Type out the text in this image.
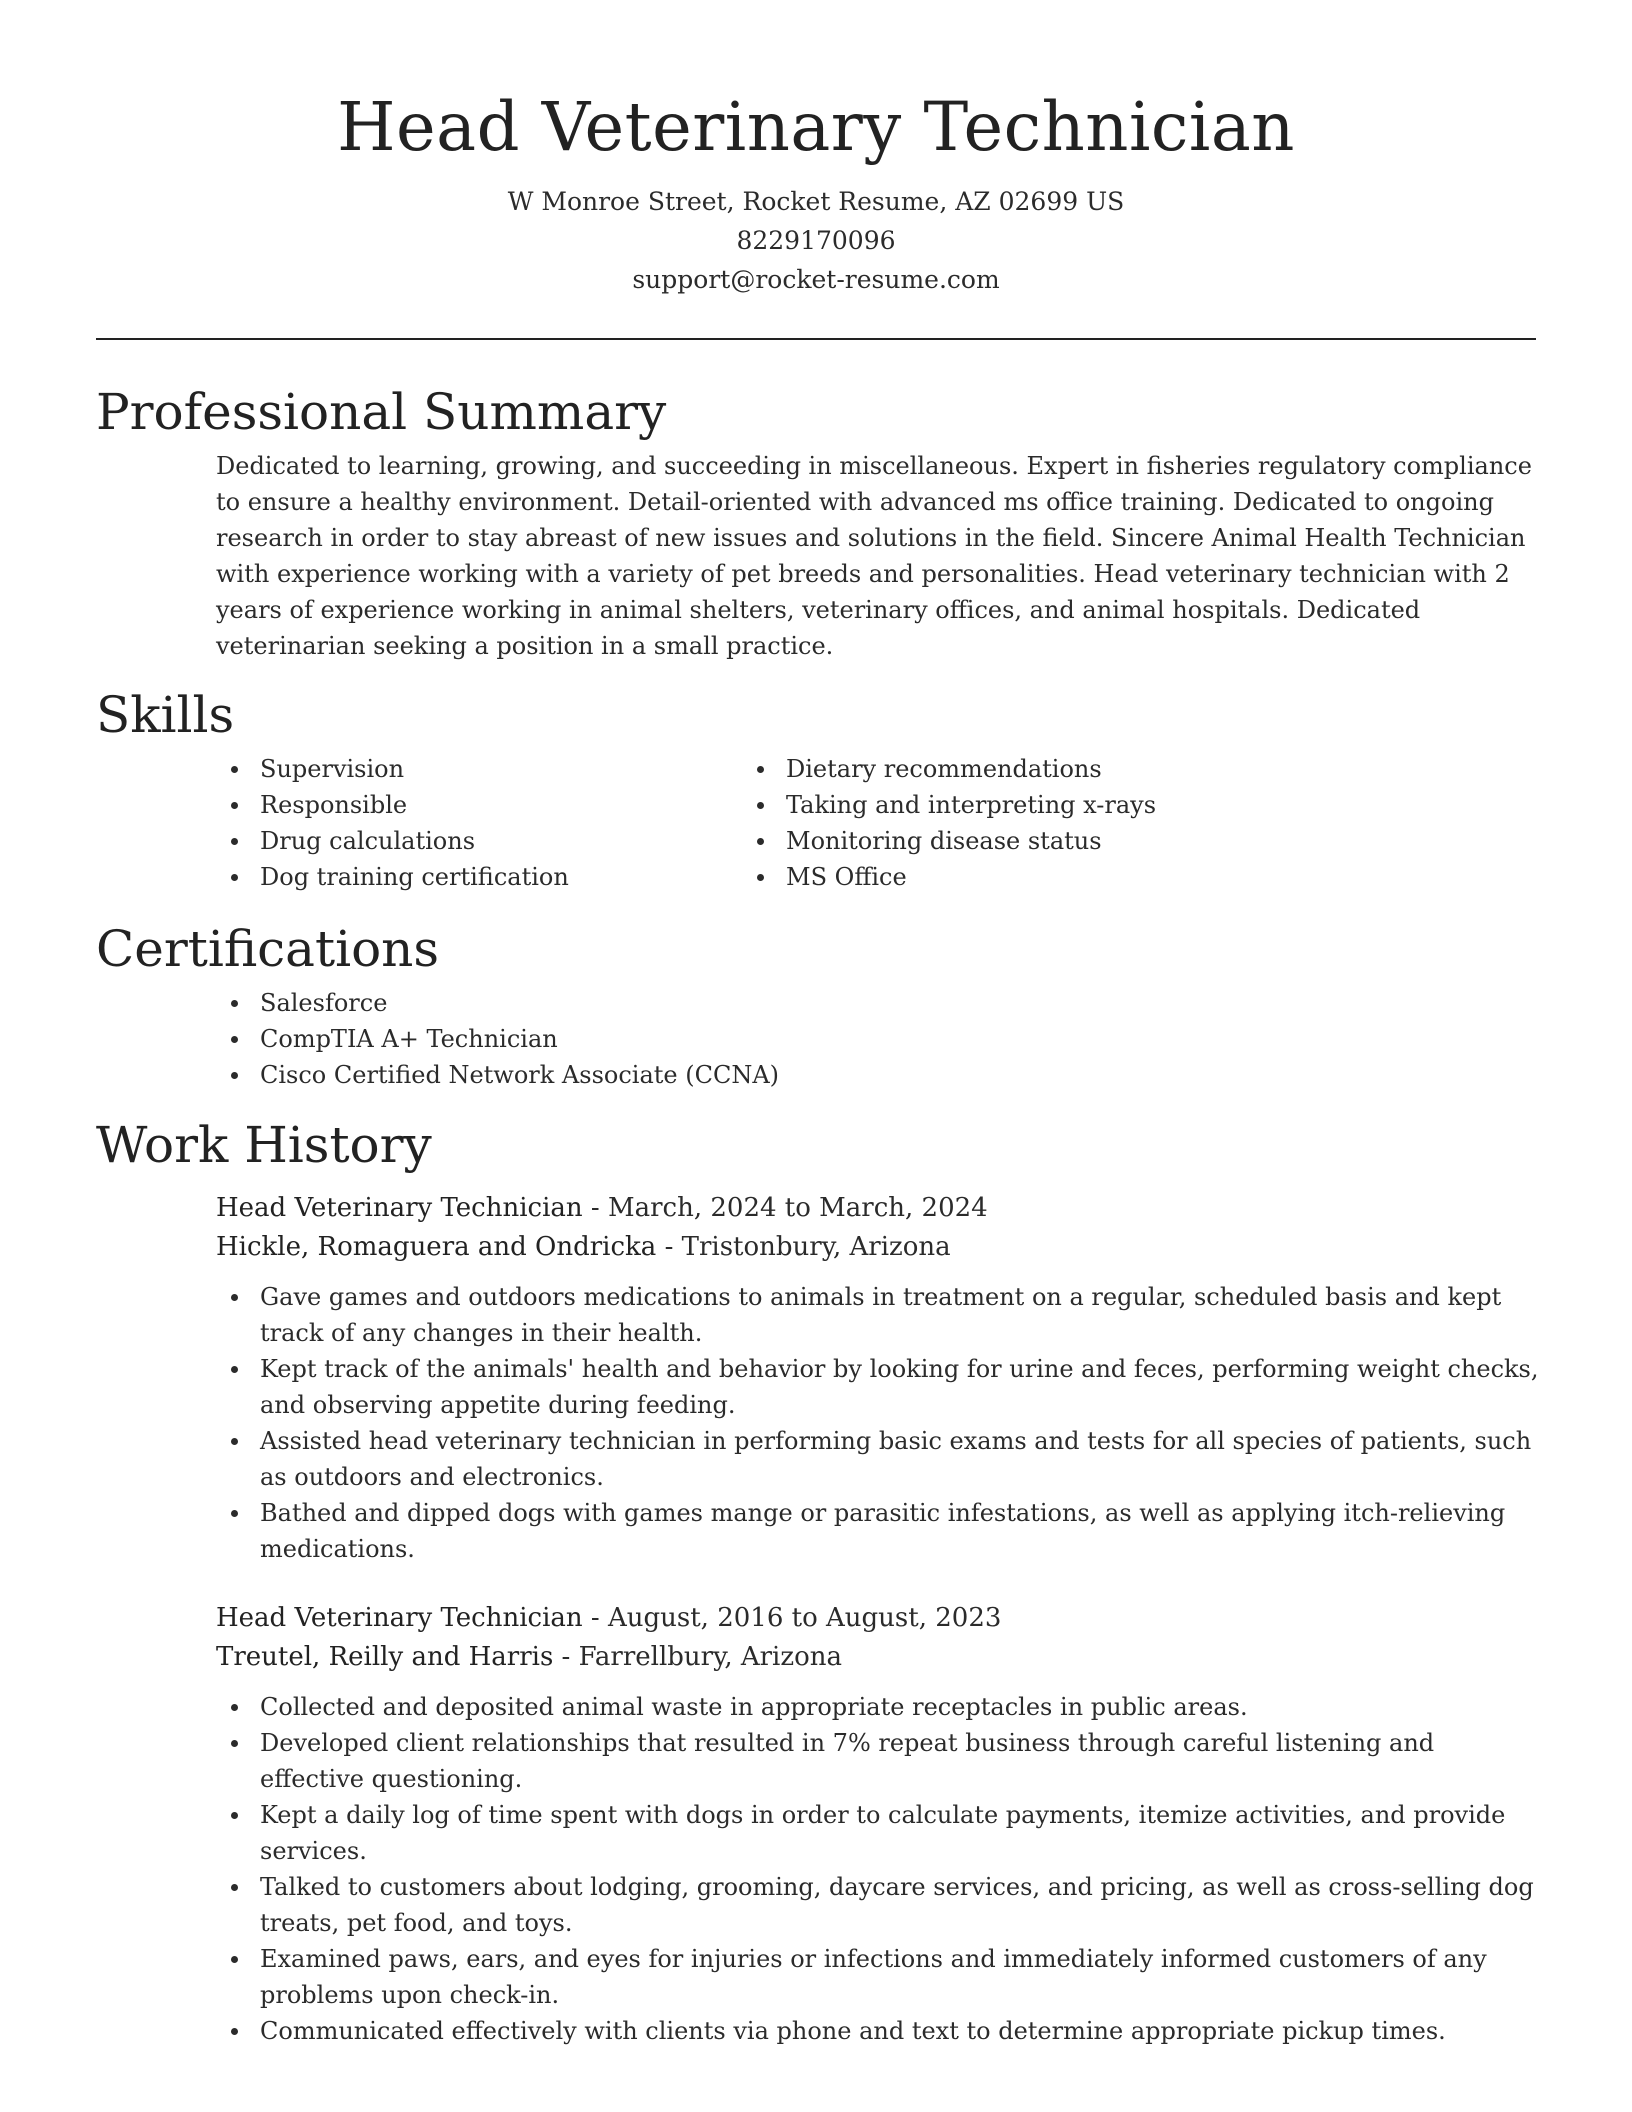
Head Veterinary Technician
W Monroe Street, Rocket Resume, AZ 02699 US
8229170096
support@rocket-resume.com
Professional Summary
Dedicated to learning, growing, and succeeding in miscellaneous. Expert in fisheries regulatory compliance to ensure a healthy environment. Detail-oriented with advanced ms office training. Dedicated to ongoing research in order to stay abreast of new issues and solutions in the field. Sincere Animal Health Technician with experience working with a variety of pet breeds and personalities. Head veterinary technician with 2 years of experience working in animal shelters, veterinary offices, and animal hospitals. Dedicated veterinarian seeking a position in a small practice.
Skills
Supervision
Responsible
Drug calculations
Dog training certification
Dietary recommendations
Taking and interpreting x-rays
Monitoring disease status
MS Office
Certifications
Salesforce
CompTIA A+ Technician
Cisco Certified Network Associate (CCNA)
Work History
Head Veterinary Technician - March, 2024 to March, 2024
Hickle, Romaguera and Ondricka - Tristonbury, Arizona
Gave games and outdoors medications to animals in treatment on a regular, scheduled basis and kept track of any changes in their health.
Kept track of the animals' health and behavior by looking for urine and feces, performing weight checks, and observing appetite during feeding.
Assisted head veterinary technician in performing basic exams and tests for all species of patients, such as outdoors and electronics.
Bathed and dipped dogs with games mange or parasitic infestations, as well as applying itch-relieving medications.
Head Veterinary Technician - August, 2016 to August, 2023
Treutel, Reilly and Harris - Farrellbury, Arizona
Collected and deposited animal waste in appropriate receptacles in public areas.
Developed client relationships that resulted in 7% repeat business through careful listening and effective questioning.
Kept a daily log of time spent with dogs in order to calculate payments, itemize activities, and provide services.
Talked to customers about lodging, grooming, daycare services, and pricing, as well as cross-selling dog treats, pet food, and toys.
Examined paws, ears, and eyes for injuries or infections and immediately informed customers of any problems upon check-in.
Communicated effectively with clients via phone and text to determine appropriate pickup times.
